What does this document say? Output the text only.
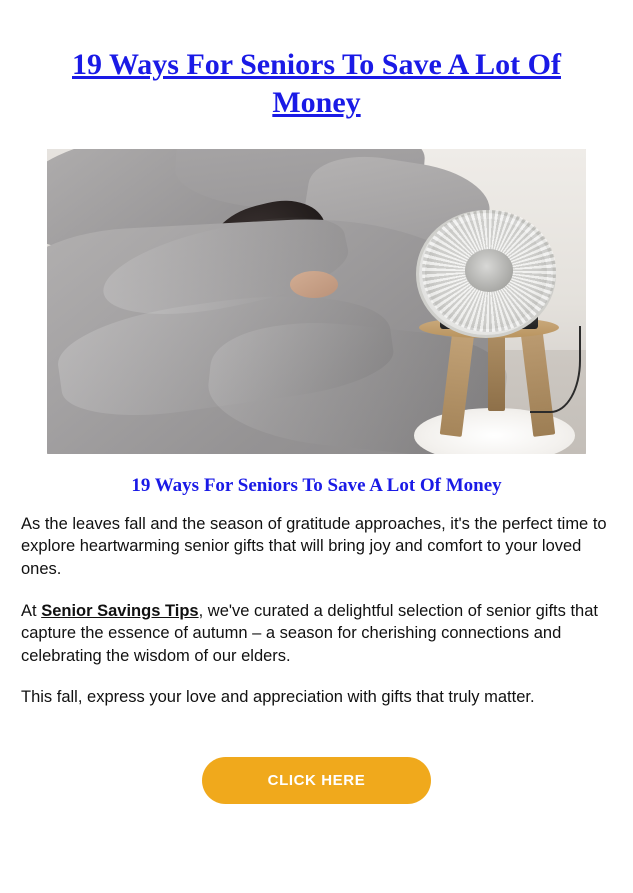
19 Ways For Seniors To Save A Lot Of Money
19 Ways For Seniors To Save A Lot Of Money

As the leaves fall and the season of gratitude approaches, it's the perfect time to explore heartwarming senior gifts that will bring joy and comfort to your loved ones.

At Senior Savings Tips, we've curated a delightful selection of senior gifts that capture the essence of autumn – a season for cherishing connections and celebrating the wisdom of our elders.

This fall, express your love and appreciation with gifts that truly matter.

CLICK HERE
